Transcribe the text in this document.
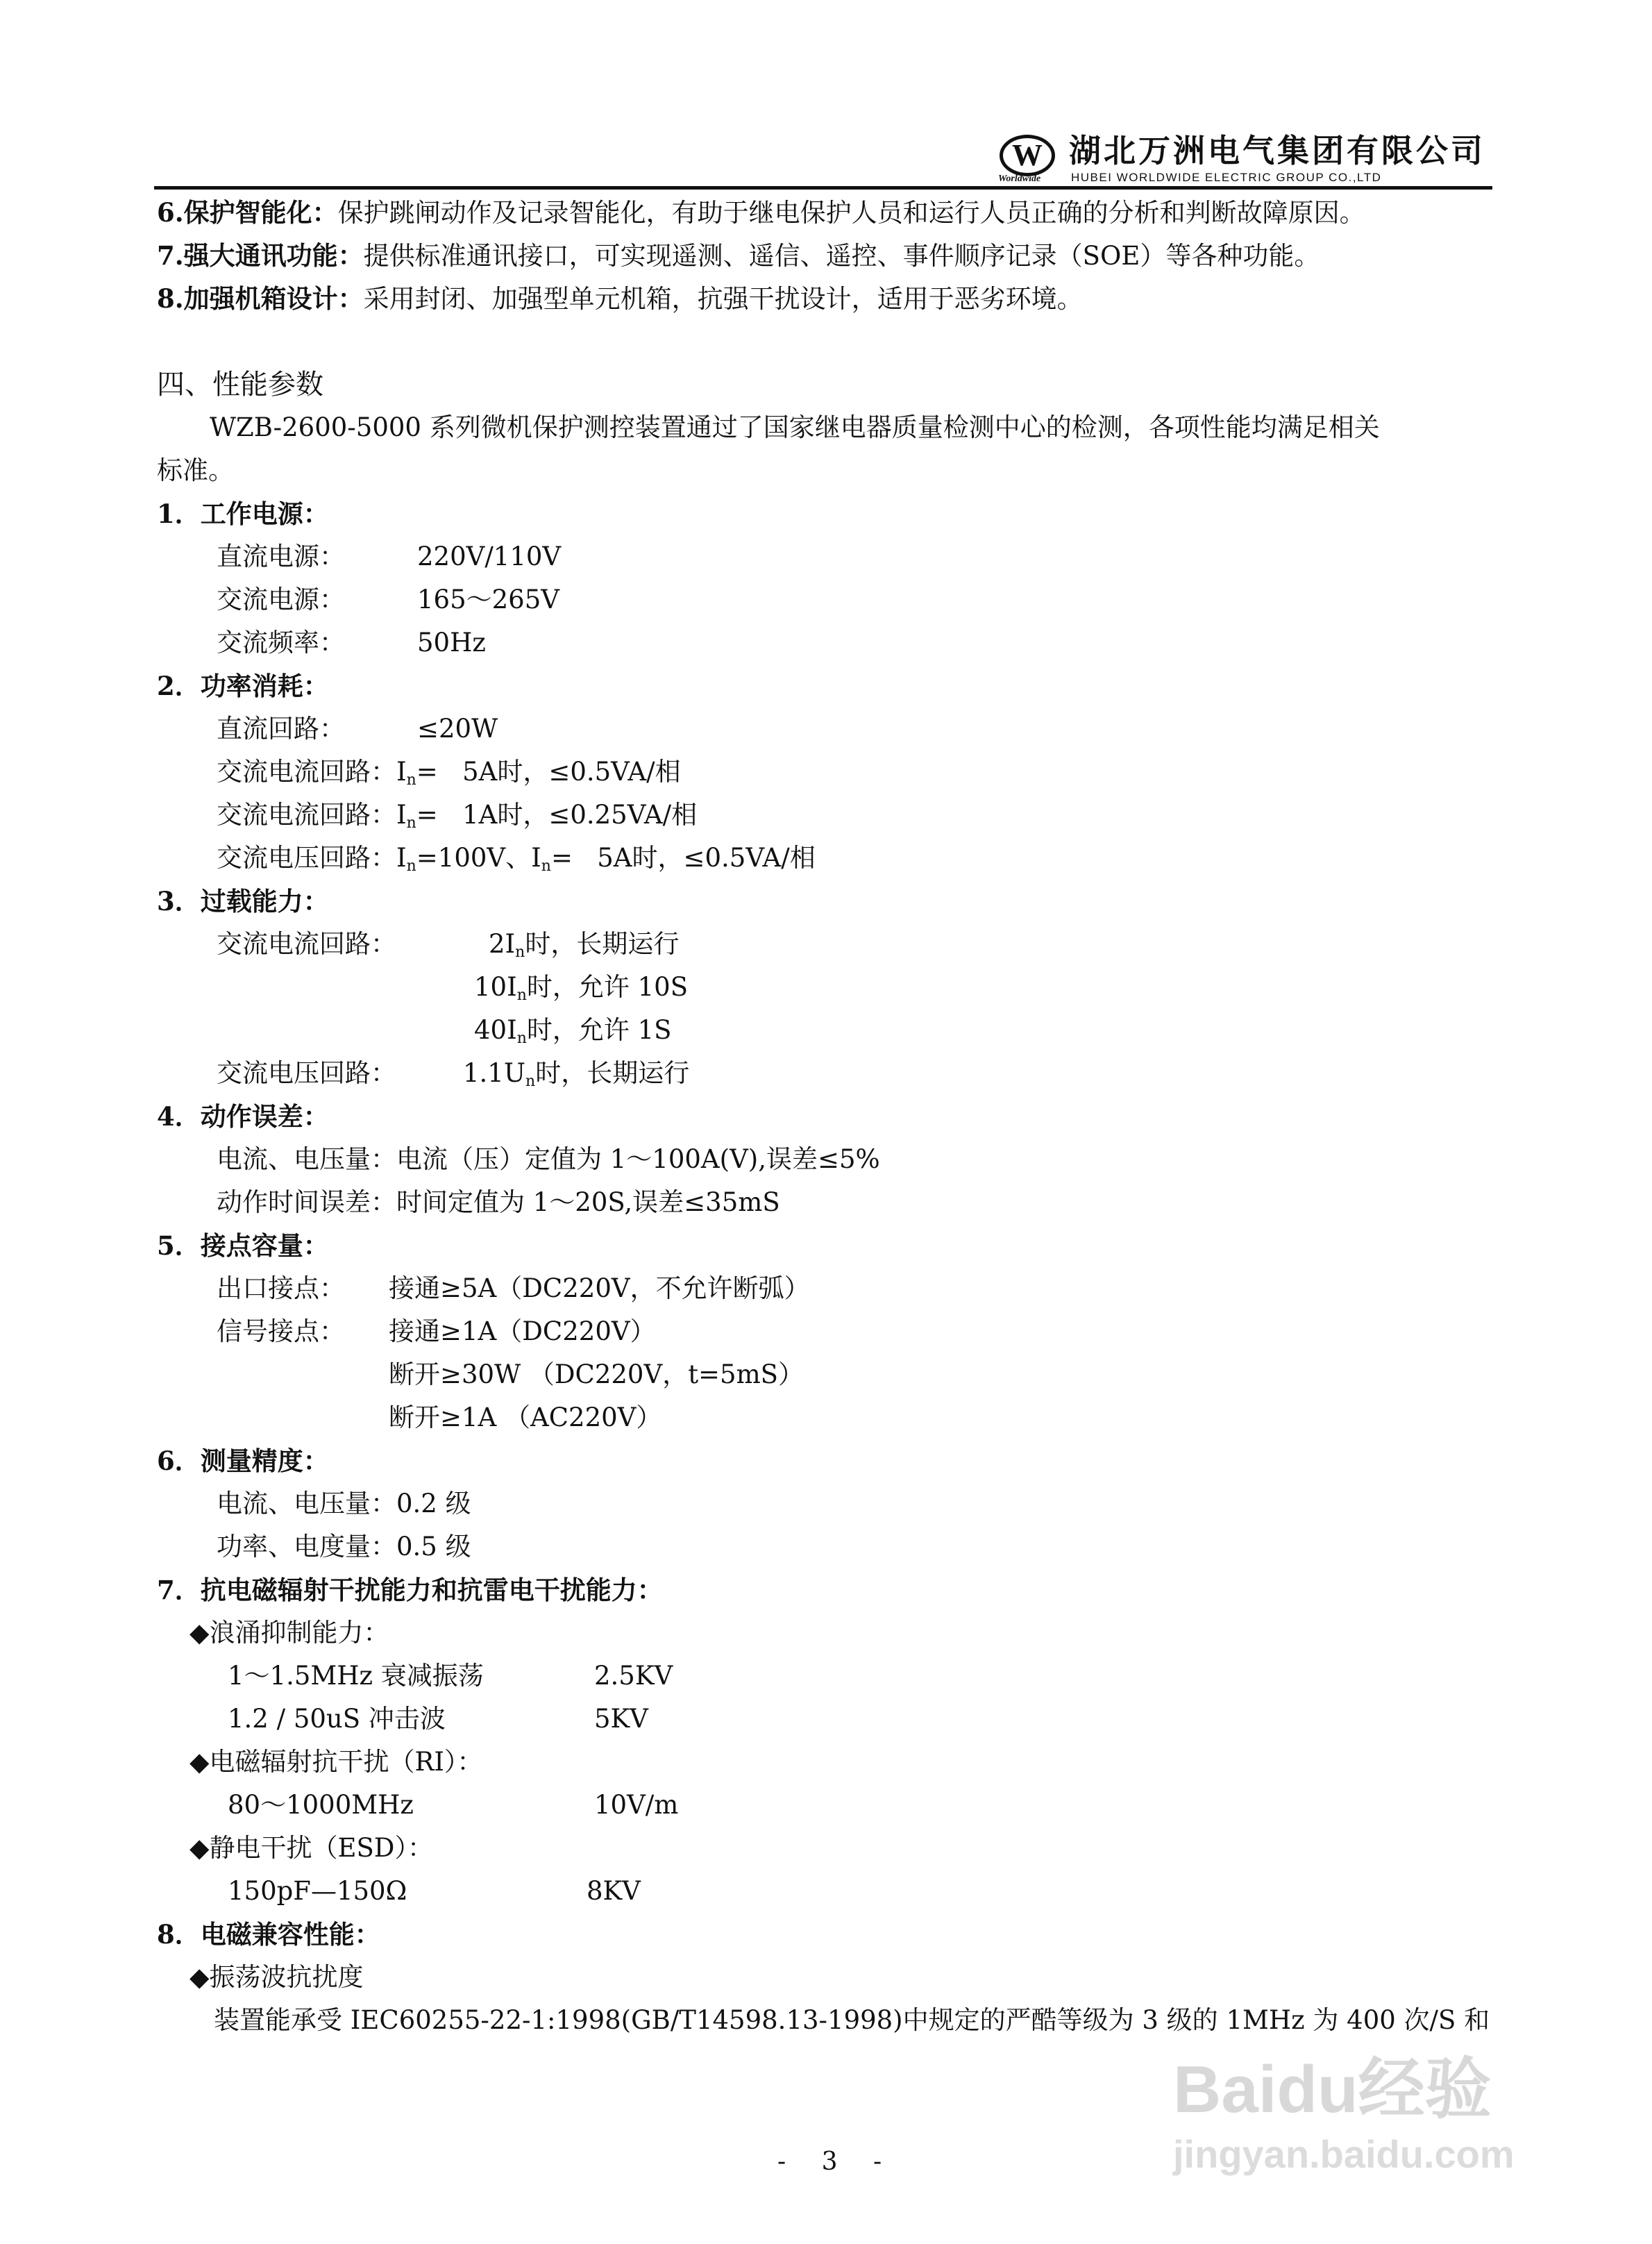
W
Worldwide
湖北万洲电气集团有限公司
HUBEI WORLDWIDE ELECTRIC GROUP CO.,LTD
6.保护智能化：保护跳闸动作及记录智能化，有助于继电保护人员和运行人员正确的分析和判断故障原因。
7.强大通讯功能：提供标准通讯接口，可实现遥测、遥信、遥控、事件顺序记录（SOE）等各种功能。
8.加强机箱设计：采用封闭、加强型单元机箱，抗强干扰设计，适用于恶劣环境。
四、性能参数
WZB-2600-5000 系列微机保护测控装置通过了国家继电器质量检测中心的检测，各项性能均满足相关
标准。
1．工作电源：
直流电源：	220V/110V
交流电源：	165～265V
交流频率：	50Hz
2．功率消耗：
直流回路：	≤20W
交流电流回路：$I_n= 5A$时，≤0.5VA/相
交流电流回路：$I_n= 1A$时，≤0.25VA/相
交流电压回路：$I_n=100V$、$I_n= 5A$时，≤0.5VA/相
3．过载能力：
交流电流回路：	$2I_n$时，长期运行
$10I_n$时，允许 10S
$40I_n$时，允许 1S
交流电压回路：	$1.1U_n$时，长期运行
4．动作误差：
电流、电压量：电流（压）定值为 1～100A(V),误差≤5%
动作时间误差：时间定值为 1～20S,误差≤35mS
5．接点容量：
出口接点： 接通≥5A（DC220V，不允许断弧）
信号接点： 接通≥1A（DC220V）
断开≥30W （DC220V，t=5mS）
断开≥1A （AC220V）
6．测量精度：
电流、电压量：0.2 级
功率、电度量：0.5 级
7．抗电磁辐射干扰能力和抗雷电干扰能力：
◆浪涌抑制能力：
1～1.5MHz 衰减振荡	2.5KV
1.2 / 50uS 冲击波	5KV
◆电磁辐射抗干扰（RI）：
80～1000MHz	10V/m
◆静电干扰（ESD）：
150pF—150Ω	8KV
8．电磁兼容性能：
◆振荡波抗扰度
装置能承受 IEC60255-22-1:1998(GB/T14598.13-1998)中规定的严酷等级为 3 级的 1MHz 为 400 次/S 和
Baidu经验
jingyan.baidu.com
- 3 -
